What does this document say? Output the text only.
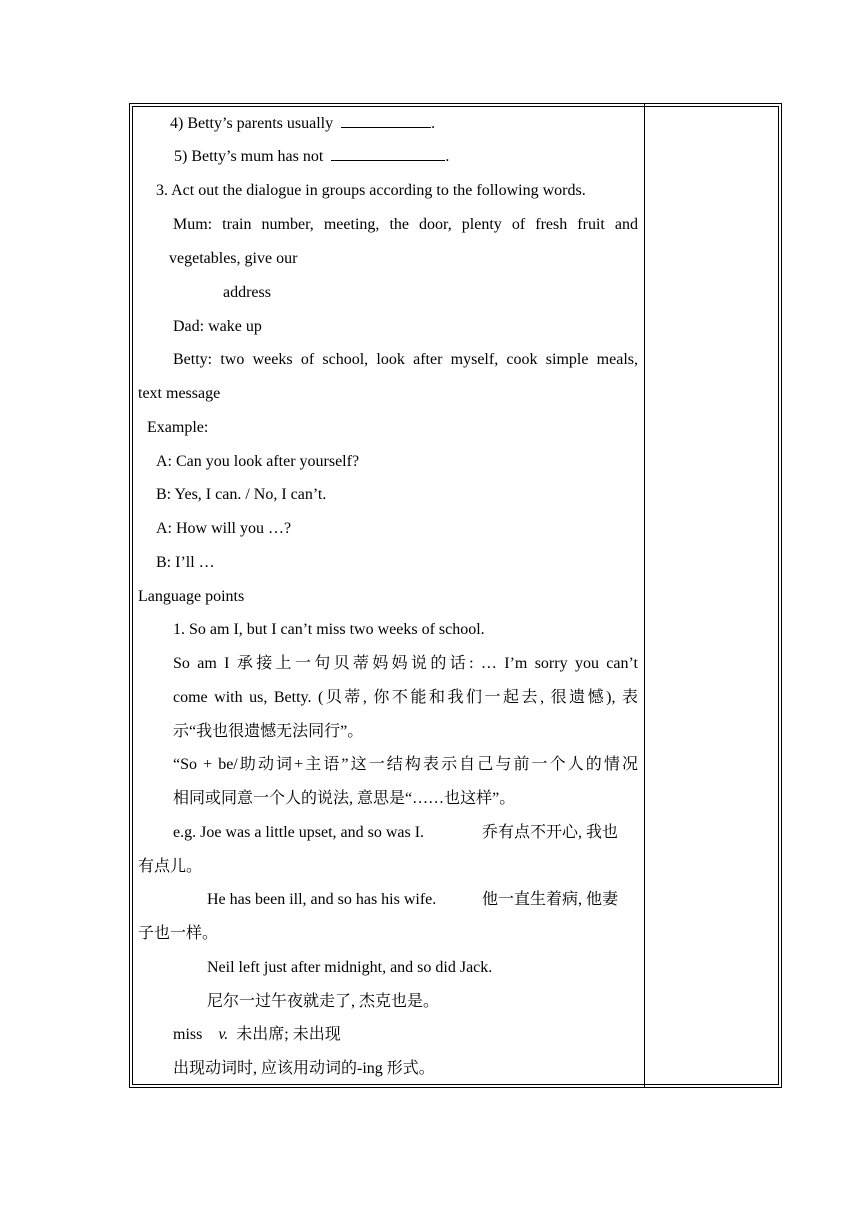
4) Betty’s parents usually	.
5) Betty’s mum has not	.
3. Act out the dialogue in groups according to the following words.
Mum: train number, meeting, the door, plenty of fresh fruit and
vegetables, give our
address
Dad: wake up
Betty: two weeks of school, look after myself, cook simple meals,
text message
Example:
A: Can you look after yourself?
B: Yes, I can. / No, I can’t.
A: How will you …?
B: I’ll …
Language points
1. So am I, but I can’t miss two weeks of school.
So am I 承接上一句贝蒂妈妈说的话: … I’m sorry you can’t
come with us, Betty. (贝蒂, 你不能和我们一起去, 很遗憾), 表
示“我也很遗憾无法同行”。
“So + be/助动词+主语”这一结构表示自己与前一个人的情况
相同或同意一个人的说法, 意思是“……也这样”。
e.g. Joe was a little upset, and so was I.	乔有点不开心, 我也
有点儿。
He has been ill, and so has his wife.	他一直生着病, 他妻
子也一样。
Neil left just after midnight, and so did Jack.
尼尔一过午夜就走了, 杰克也是。
miss v. 未出席; 未出现
出现动词时, 应该用动词的-ing 形式。
